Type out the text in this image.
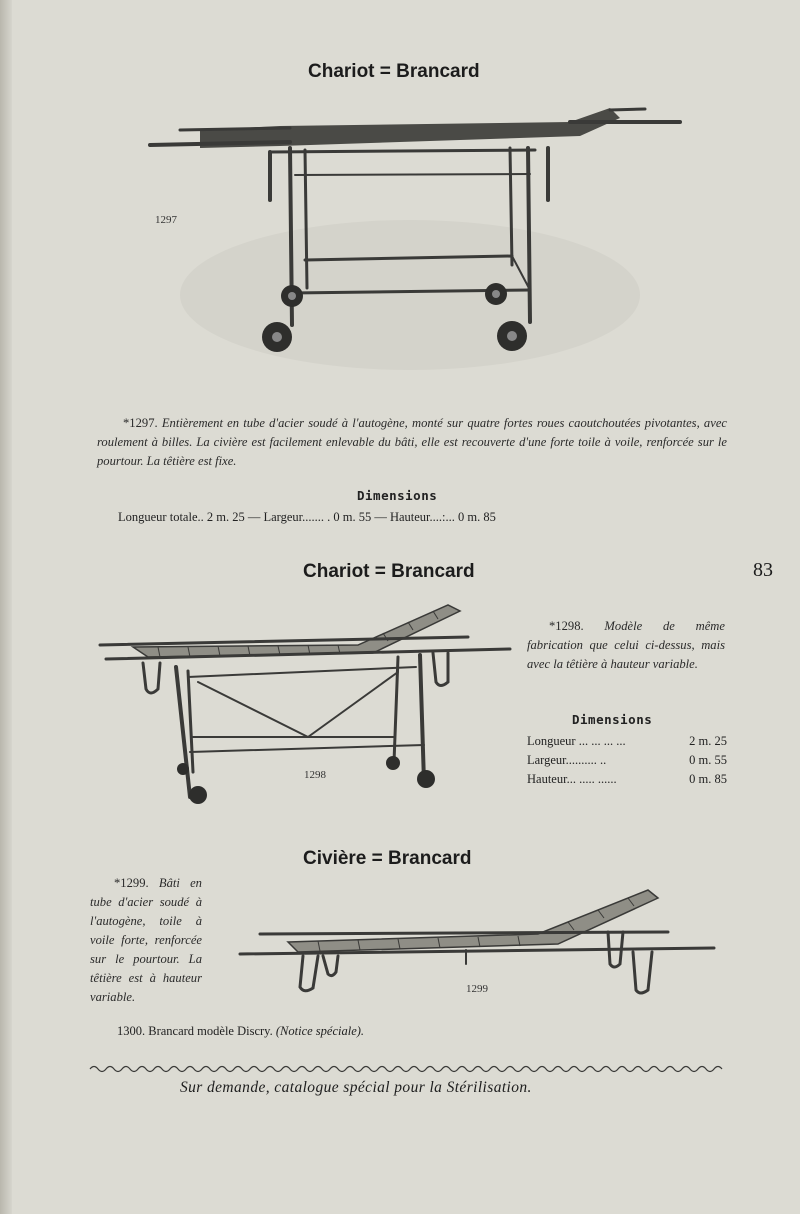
Chariot = Brancard
1297
*1297. Entièrement en tube d'acier soudé à l'autogène, monté sur quatre fortes roues caoutchoutées pivotantes, avec roulement à billes. La civière est facilement enlevable du bâti, elle est recouverte d'une forte toile à voile, renforcée sur le pourtour. La têtière est fixe.
Dimensions
Longueur totale.. 2 m. 25 — Largeur....... . 0 m. 55 — Hauteur....:... 0 m. 85
83
Chariot = Brancard
1298
*1298. Modèle de même fabrication que celui ci-dessus, mais avec la têtière à hauteur variable.
Dimensions
Longueur ... ... ... ...	2 m. 25
Largeur.......... ..	0 m. 55
Hauteur... ..... ......	0 m. 85
Civière = Brancard
*1299. Bâti en tube d'acier soudé à l'autogène, toile à voile forte, renforcée sur le pourtour. La têtière est à hauteur variable.
1299
1300. Brancard modèle Discry. (Notice spéciale).
Sur demande, catalogue spécial pour la Stérilisation.
